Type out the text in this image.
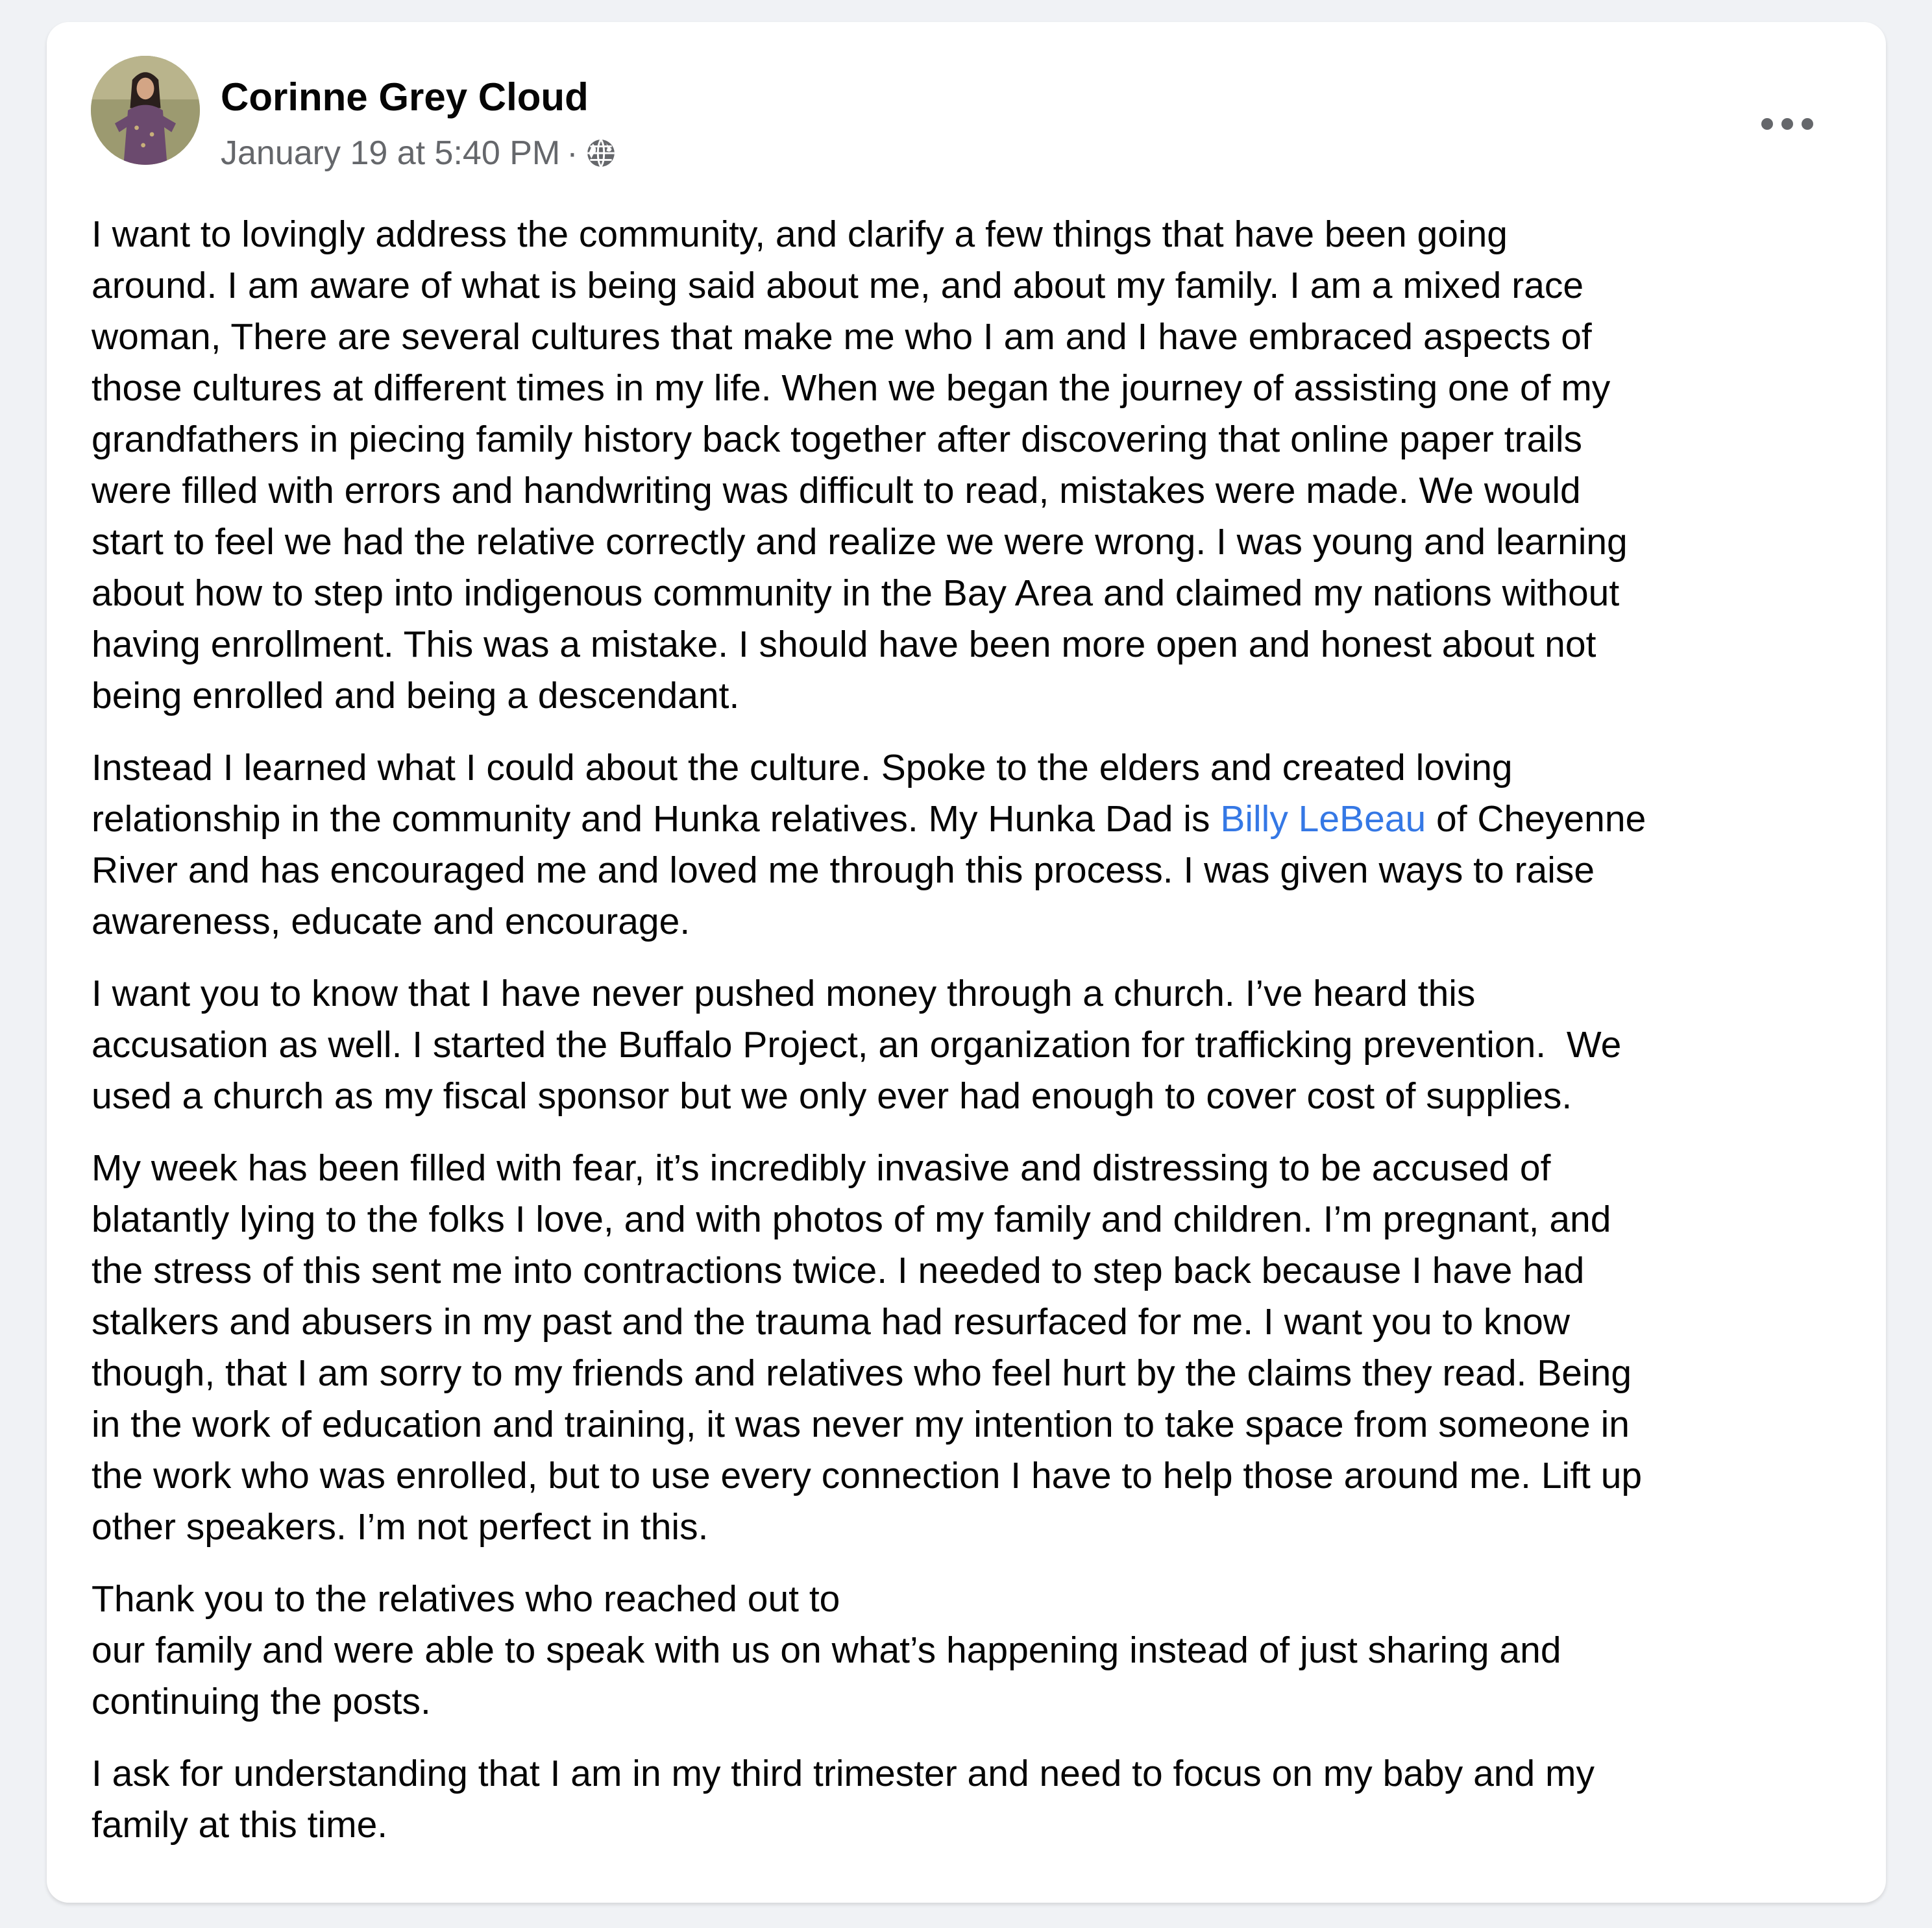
Corinne Grey Cloud
January 19 at 5:40 PM ·

I want to lovingly address the community, and clarify a few things that have been going
around. I am aware of what is being said about me, and about my family. I am a mixed race
woman, There are several cultures that make me who I am and I have embraced aspects of
those cultures at different times in my life. When we began the journey of assisting one of my
grandfathers in piecing family history back together after discovering that online paper trails
were filled with errors and handwriting was difficult to read, mistakes were made. We would
start to feel we had the relative correctly and realize we were wrong. I was young and learning
about how to step into indigenous community in the Bay Area and claimed my nations without
having enrollment. This was a mistake. I should have been more open and honest about not
being enrolled and being a descendant.

Instead I learned what I could about the culture. Spoke to the elders and created loving
relationship in the community and Hunka relatives. My Hunka Dad is Billy LeBeau of Cheyenne
River and has encouraged me and loved me through this process. I was given ways to raise
awareness, educate and encourage.

I want you to know that I have never pushed money through a church. I’ve heard this
accusation as well. I started the Buffalo Project, an organization for trafficking prevention.  We
used a church as my fiscal sponsor but we only ever had enough to cover cost of supplies.

My week has been filled with fear, it’s incredibly invasive and distressing to be accused of
blatantly lying to the folks I love, and with photos of my family and children. I’m pregnant, and
the stress of this sent me into contractions twice. I needed to step back because I have had
stalkers and abusers in my past and the trauma had resurfaced for me. I want you to know
though, that I am sorry to my friends and relatives who feel hurt by the claims they read. Being
in the work of education and training, it was never my intention to take space from someone in
the work who was enrolled, but to use every connection I have to help those around me. Lift up
other speakers. I’m not perfect in this.

Thank you to the relatives who reached out to
our family and were able to speak with us on what’s happening instead of just sharing and
continuing the posts.

I ask for understanding that I am in my third trimester and need to focus on my baby and my
family at this time.
